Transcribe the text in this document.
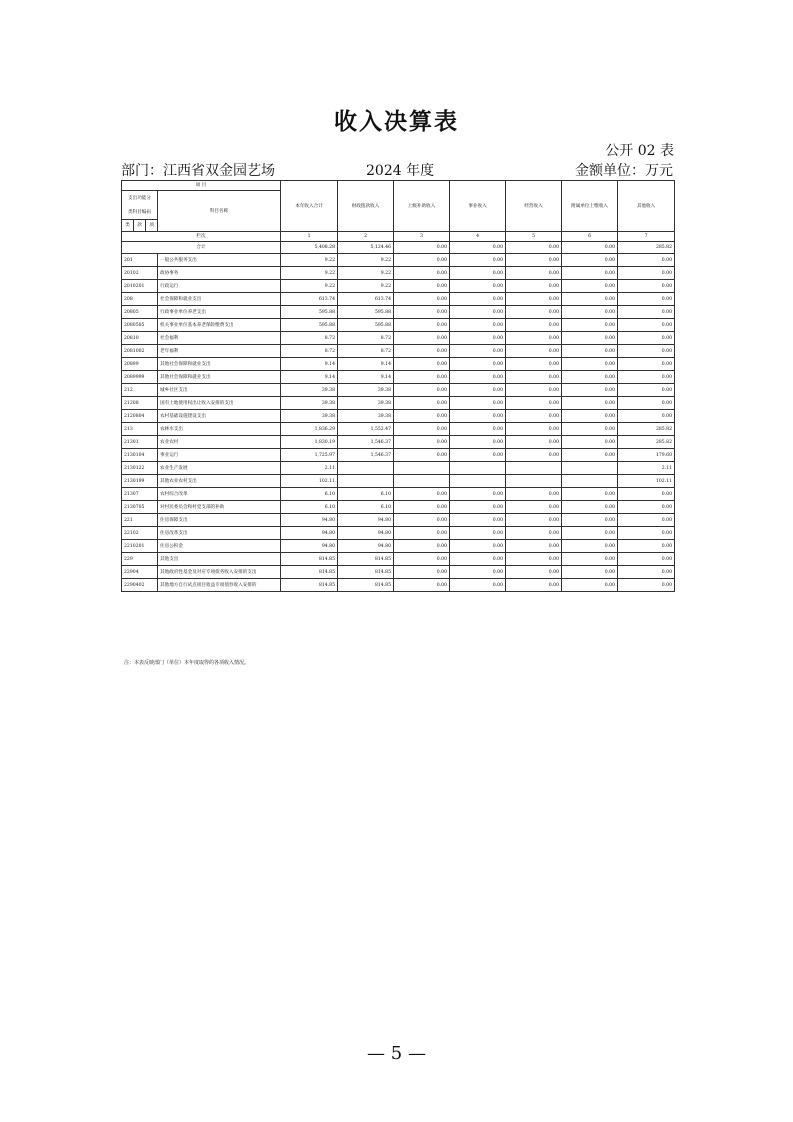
收入决算表
公开 02 表
部门：江西省双金园艺场	2024 年度	金额单位：万元
项 目				本年收入合计	财政拨款收入	上级补助收入	事业收入	经营收入	附属单位上缴收入	其他收入
支出功能分

类科目编码			科目名称							
类	款	项								
栏次				1	2	3	4	5	6	7
合计				5,408.28	5,124.46	0.00	0.00	0.00	0.00	285.82
201			一般公共服务支出	9.22	9.22	0.00	0.00	0.00	0.00	0.00
20102			政协事务	9.22	9.22	0.00	0.00	0.00	0.00	0.00
2010201			行政运行	9.22	9.22	0.00	0.00	0.00	0.00	0.00
208			社会保障和就业支出	613.74	613.74	0.00	0.00	0.00	0.00	0.00
20805			行政事业单位养老支出	595.88	595.88	0.00	0.00	0.00	0.00	0.00
2080505			机关事业单位基本养老保险缴费支出	595.88	595.88	0.00	0.00	0.00	0.00	0.00
20810			社会福利	8.72	8.72	0.00	0.00	0.00	0.00	0.00
2081002			老年福利	8.72	8.72	0.00	0.00	0.00	0.00	0.00
20899			其他社会保障和就业支出	9.14	9.14	0.00	0.00	0.00	0.00	0.00
2089999			其他社会保障和就业支出	9.14	9.14	0.00	0.00	0.00	0.00	0.00
212			城乡社区支出	39.38	39.38	0.00	0.00	0.00	0.00	0.00
21208			国有土地使用权出让收入安排的支出	39.38	39.38	0.00	0.00	0.00	0.00	0.00
2120804			农村基础设施建设支出	39.38	39.38	0.00	0.00	0.00	0.00	0.00
213			农林水支出	1,836.29	1,552.47	0.00	0.00	0.00	0.00	285.82
21301			农业农村	1,830.19	1,546.37	0.00	0.00	0.00	0.00	285.82
2130104			事业运行	1,725.97	1,546.37	0.00	0.00	0.00	0.00	179.60
2130122			农业生产发展	2.11						2.11
2130199			其他农业农村支出	102.11						102.11
21307			农村综合改革	6.10	6.10	0.00	0.00	0.00	0.00	0.00
2130705			对村民委员会和村党支部的补助	6.10	6.10	0.00	0.00	0.00	0.00	0.00
221			住房保障支出	94.80	94.80	0.00	0.00	0.00	0.00	0.00
22102			住房改革支出	94.80	94.80	0.00	0.00	0.00	0.00	0.00
2210201			住房公积金	94.80	94.80	0.00	0.00	0.00	0.00	0.00
229			其他支出	814.85	814.85	0.00	0.00	0.00	0.00	0.00
22904			其他政府性基金及对应专项债务收入安排的支出	814.85	814.85	0.00	0.00	0.00	0.00	0.00
2290402			其他地方自行试点项目收益专项债券收入安排的	814.85	814.85	0.00	0.00	0.00	0.00	0.00
注：本表反映部门（单位）本年度取得的各项收入情况。
— 5 —
